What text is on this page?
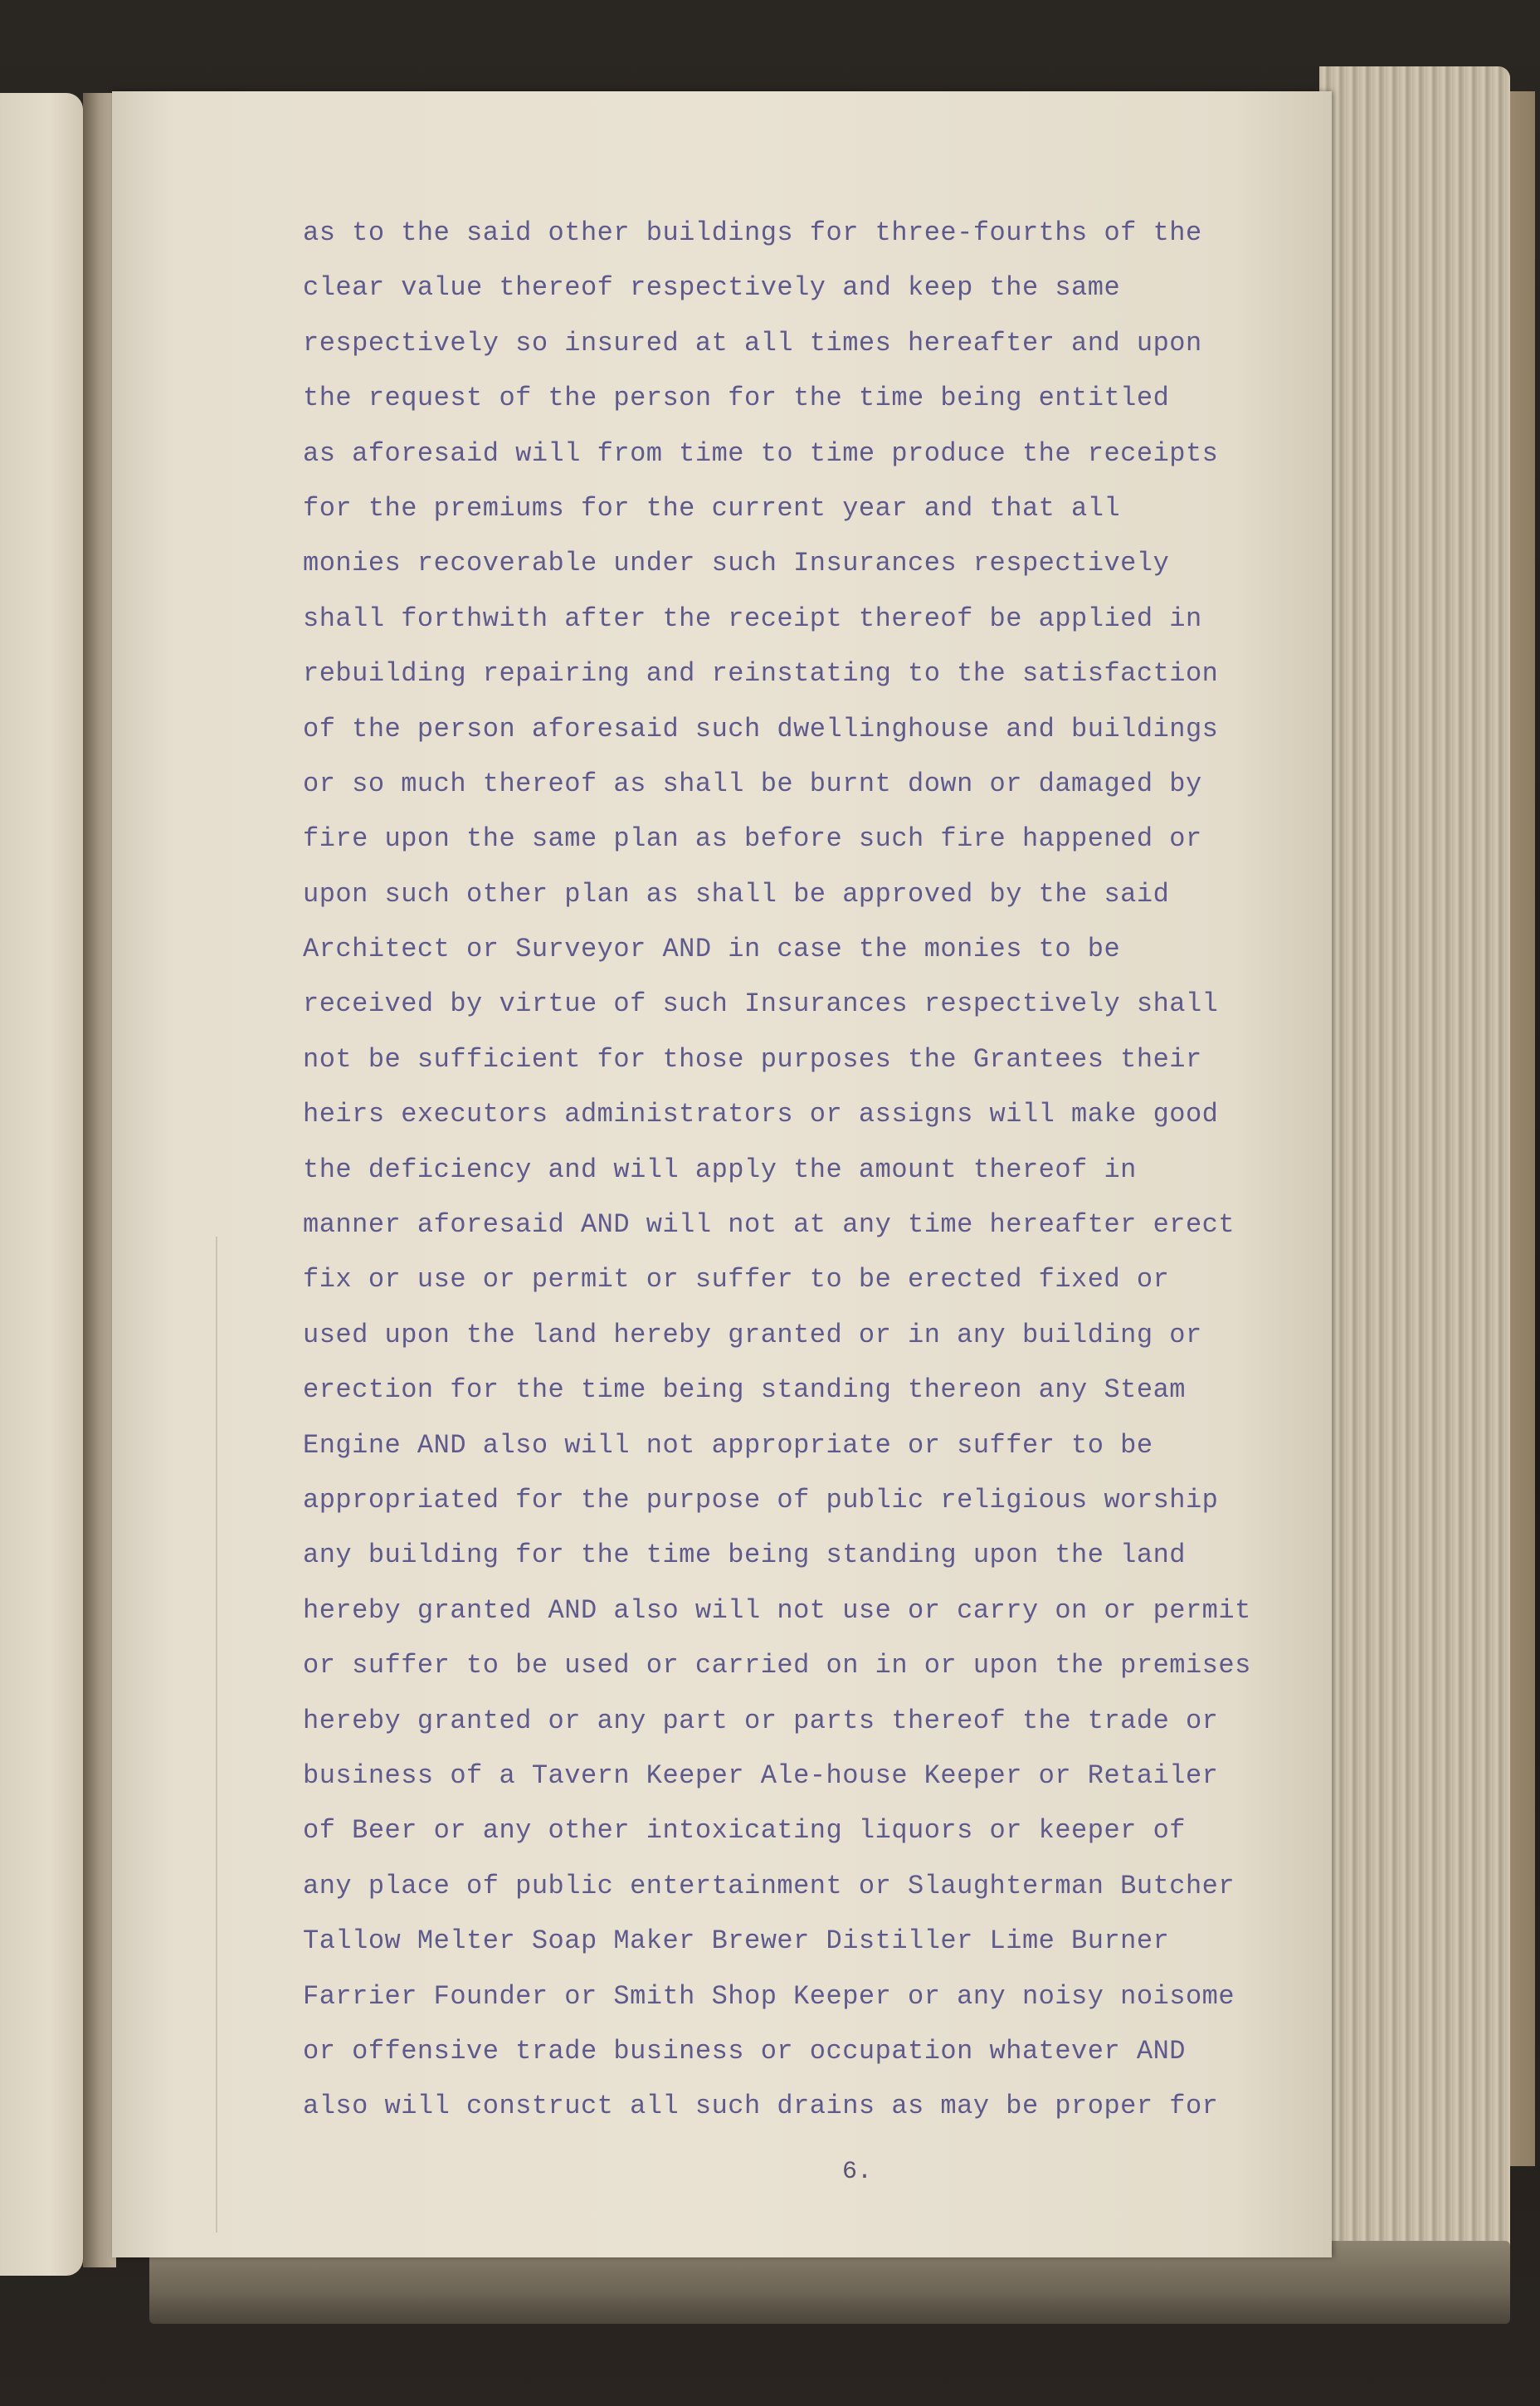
as to the said other buildings for three-fourths of the
clear value thereof respectively and keep the same
respectively so insured at all times hereafter and upon
the request of the person for the time being entitled
as aforesaid will from time to time produce the receipts
for the premiums for the current year and that all
monies recoverable under such Insurances respectively
shall forthwith after the receipt thereof be applied in
rebuilding repairing and reinstating to the satisfaction
of the person aforesaid such dwellinghouse and buildings
or so much thereof as shall be burnt down or damaged by
fire upon the same plan as before such fire happened or
upon such other plan as shall be approved by the said
Architect or Surveyor AND in case the monies to be
received by virtue of such Insurances respectively shall
not be sufficient for those purposes the Grantees their
heirs executors administrators or assigns will make good
the deficiency and will apply the amount thereof in
manner aforesaid AND will not at any time hereafter erect
fix or use or permit or suffer to be erected fixed or
used upon the land hereby granted or in any building or
erection for the time being standing thereon any Steam
Engine AND also will not appropriate or suffer to be
appropriated for the purpose of public religious worship
any building for the time being standing upon the land
hereby granted AND also will not use or carry on or permit
or suffer to be used or carried on in or upon the premises
hereby granted or any part or parts thereof the trade or
business of a Tavern Keeper Ale-house Keeper or Retailer
of Beer or any other intoxicating liquors or keeper of
any place of public entertainment or Slaughterman Butcher
Tallow Melter Soap Maker Brewer Distiller Lime Burner
Farrier Founder or Smith Shop Keeper or any noisy noisome
or offensive trade business or occupation whatever AND
also will construct all such drains as may be proper for
6.
